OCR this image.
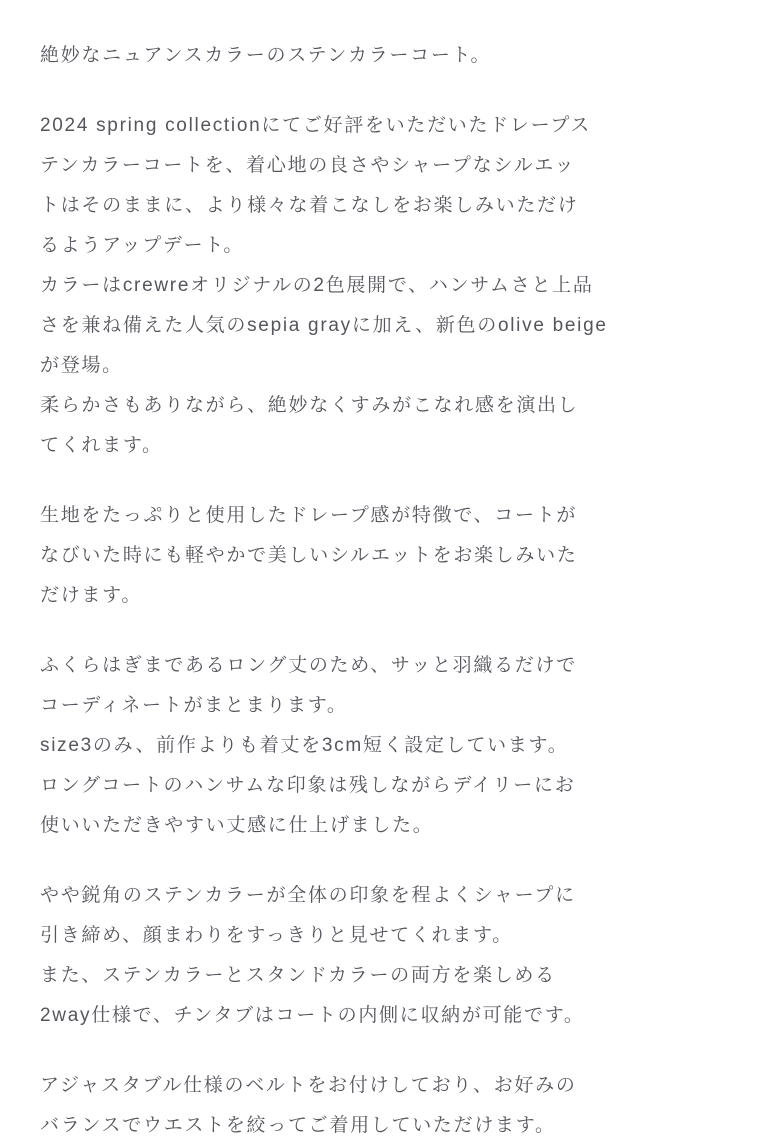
絶妙なニュアンスカラーのステンカラーコート。
2024 spring collectionにてご好評をいただいたドレープス
テンカラーコートを、着心地の良さやシャープなシルエッ
トはそのままに、より様々な着こなしをお楽しみいただけ
るようアップデート。
カラーはcrewreオリジナルの2色展開で、ハンサムさと上品
さを兼ね備えた人気のsepia grayに加え、新色のolive beige
が登場。
柔らかさもありながら、絶妙なくすみがこなれ感を演出し
てくれます。
生地をたっぷりと使用したドレープ感が特徴で、コートが
なびいた時にも軽やかで美しいシルエットをお楽しみいた
だけます。
ふくらはぎまであるロング丈のため、サッと羽織るだけで
コーディネートがまとまります。
size3のみ、前作よりも着丈を3cm短く設定しています。
ロングコートのハンサムな印象は残しながらデイリーにお
使いいただきやすい丈感に仕上げました。
やや鋭角のステンカラーが全体の印象を程よくシャープに
引き締め、顔まわりをすっきりと見せてくれます。
また、ステンカラーとスタンドカラーの両方を楽しめる
2way仕様で、チンタブはコートの内側に収納が可能です。
アジャスタブル仕様のベルトをお付けしており、お好みの
バランスでウエストを絞ってご着用していただけます。
